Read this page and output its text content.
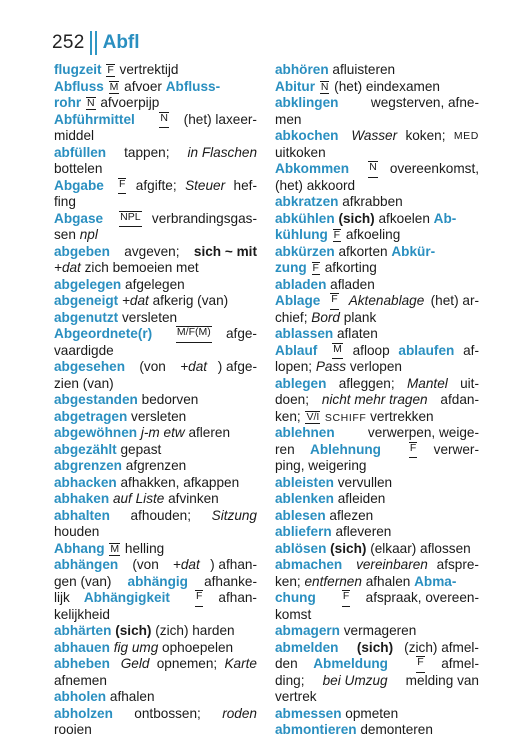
252 Abfl
flugzeit F vertrektijd
Abfluss M afvoer Abfluss-
rohr N afvoerpijp
Abführmittel
N (het) laxeer-
middel
abfüllen tappen; in Flaschen
bottelen
Abgabe
F afgifte; Steuer hef-
fing
Abgase
NPL verbrandingsgas-
sen npl
abgeben avgeven; sich ~ mit
+dat zich bemoeien met
abgelegen afgelegen
abgeneigt +dat afkerig (van)
abgenutzt versleten
Abgeordnete(r)
M/F(M) afge-
vaardigde
abgesehen (von +dat ) afge-
zien (van)
abgestanden bedorven
abgetragen versleten
abgewöhnen j-m etw afleren
abgezählt gepast
abgrenzen afgrenzen
abhacken afhakken, afkappen
abhaken auf Liste afvinken
abhalten afhouden; Sitzung
houden
Abhang M helling
abhängen (von +dat ) afhan-
gen (van) abhängig afhanke-
lijk Abhängigkeit
F afhan-
kelijkheid
abhärten (sich) (zich) harden
abhauen fig umg ophoepelen
abheben
Geld opnemen; Karte
afnemen
abholen afhalen
abholzen ontbossen; roden
rooien
abhören afluisteren
Abitur N (het) eindexamen
abklingen wegsterven, afne-
men
abkochen
Wasser koken; MED
uitkoken
Abkommen
N overeenkomst,
(het) akkoord
abkratzen afkrabben
abkühlen (sich) afkoelen Ab-
kühlung F afkoeling
abkürzen afkorten Abkür-
zung F afkorting
abladen afladen
Ablage
F
Aktenablage (het) ar-
chief; Bord plank
ablassen aflaten
Ablauf
M afloop ablaufen af-
lopen; Pass verlopen
ablegen afleggen; Mantel uit-
doen; nicht mehr tragen afdan-
ken; V/I SCHIFF vertrekken
ablehnen verwerpen, weige-
ren Ablehnung
	F verwer-
ping, weigering
ableisten vervullen
ablenken afleiden
ablesen aflezen
abliefern afleveren
ablösen (sich) (elkaar) aflossen
abmachen
vereinbaren afspre-
ken; entfernen afhalen Abma-
chung
	F afspraak, overeen-
komst
abmagern vermageren
abmelden
(sich) (zich) afmel-
den Abmeldung
	F afmel-
ding; bei Umzug melding van
vertrek
abmessen opmeten
abmontieren demonteren
